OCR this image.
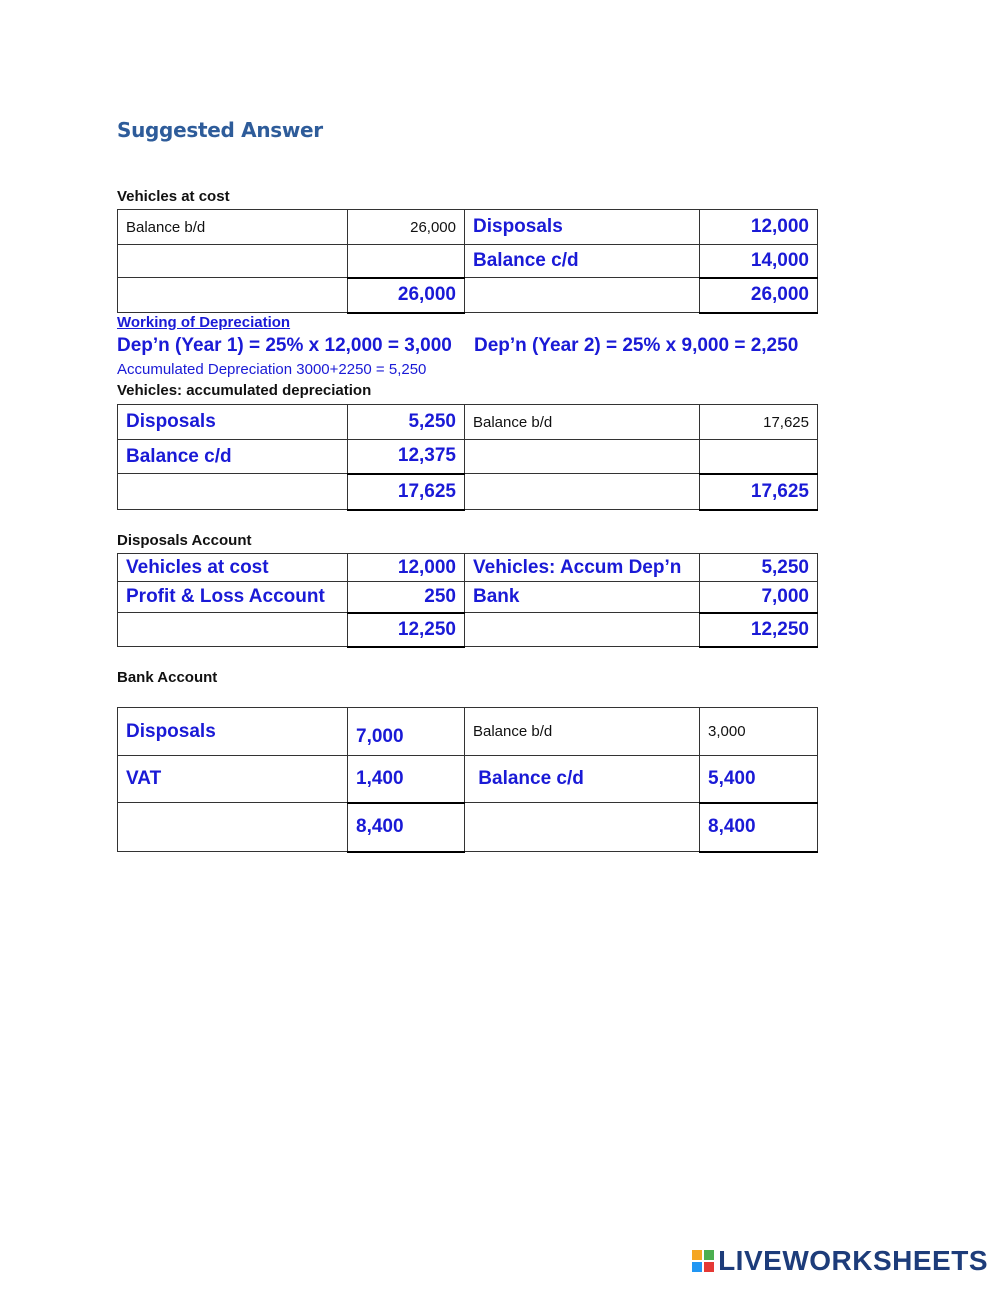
Suggested Answer
Vehicles at cost
Balance b/d	26,000	Disposals	12,000
		Balance c/d	14,000
	26,000		26,000
Working of Depreciation
Dep’n (Year 1) = 25% x 12,000 = 3,000 Dep’n (Year 2) = 25% x 9,000 = 2,250
Accumulated Depreciation 3000+2250 = 5,250
Vehicles: accumulated depreciation
Disposals	5,250	Balance b/d	17,625
Balance c/d	12,375		
	17,625		17,625
Disposals Account
Vehicles at cost	12,000	Vehicles: Accum Dep’n	5,250
Profit & Loss Account	250	Bank	7,000
	12,250		12,250
Bank Account
Disposals	7,000	Balance b/d	3,000
VAT	1,400	Balance c/d	5,400
	8,400		8,400
LIVEWORKSHEETS
